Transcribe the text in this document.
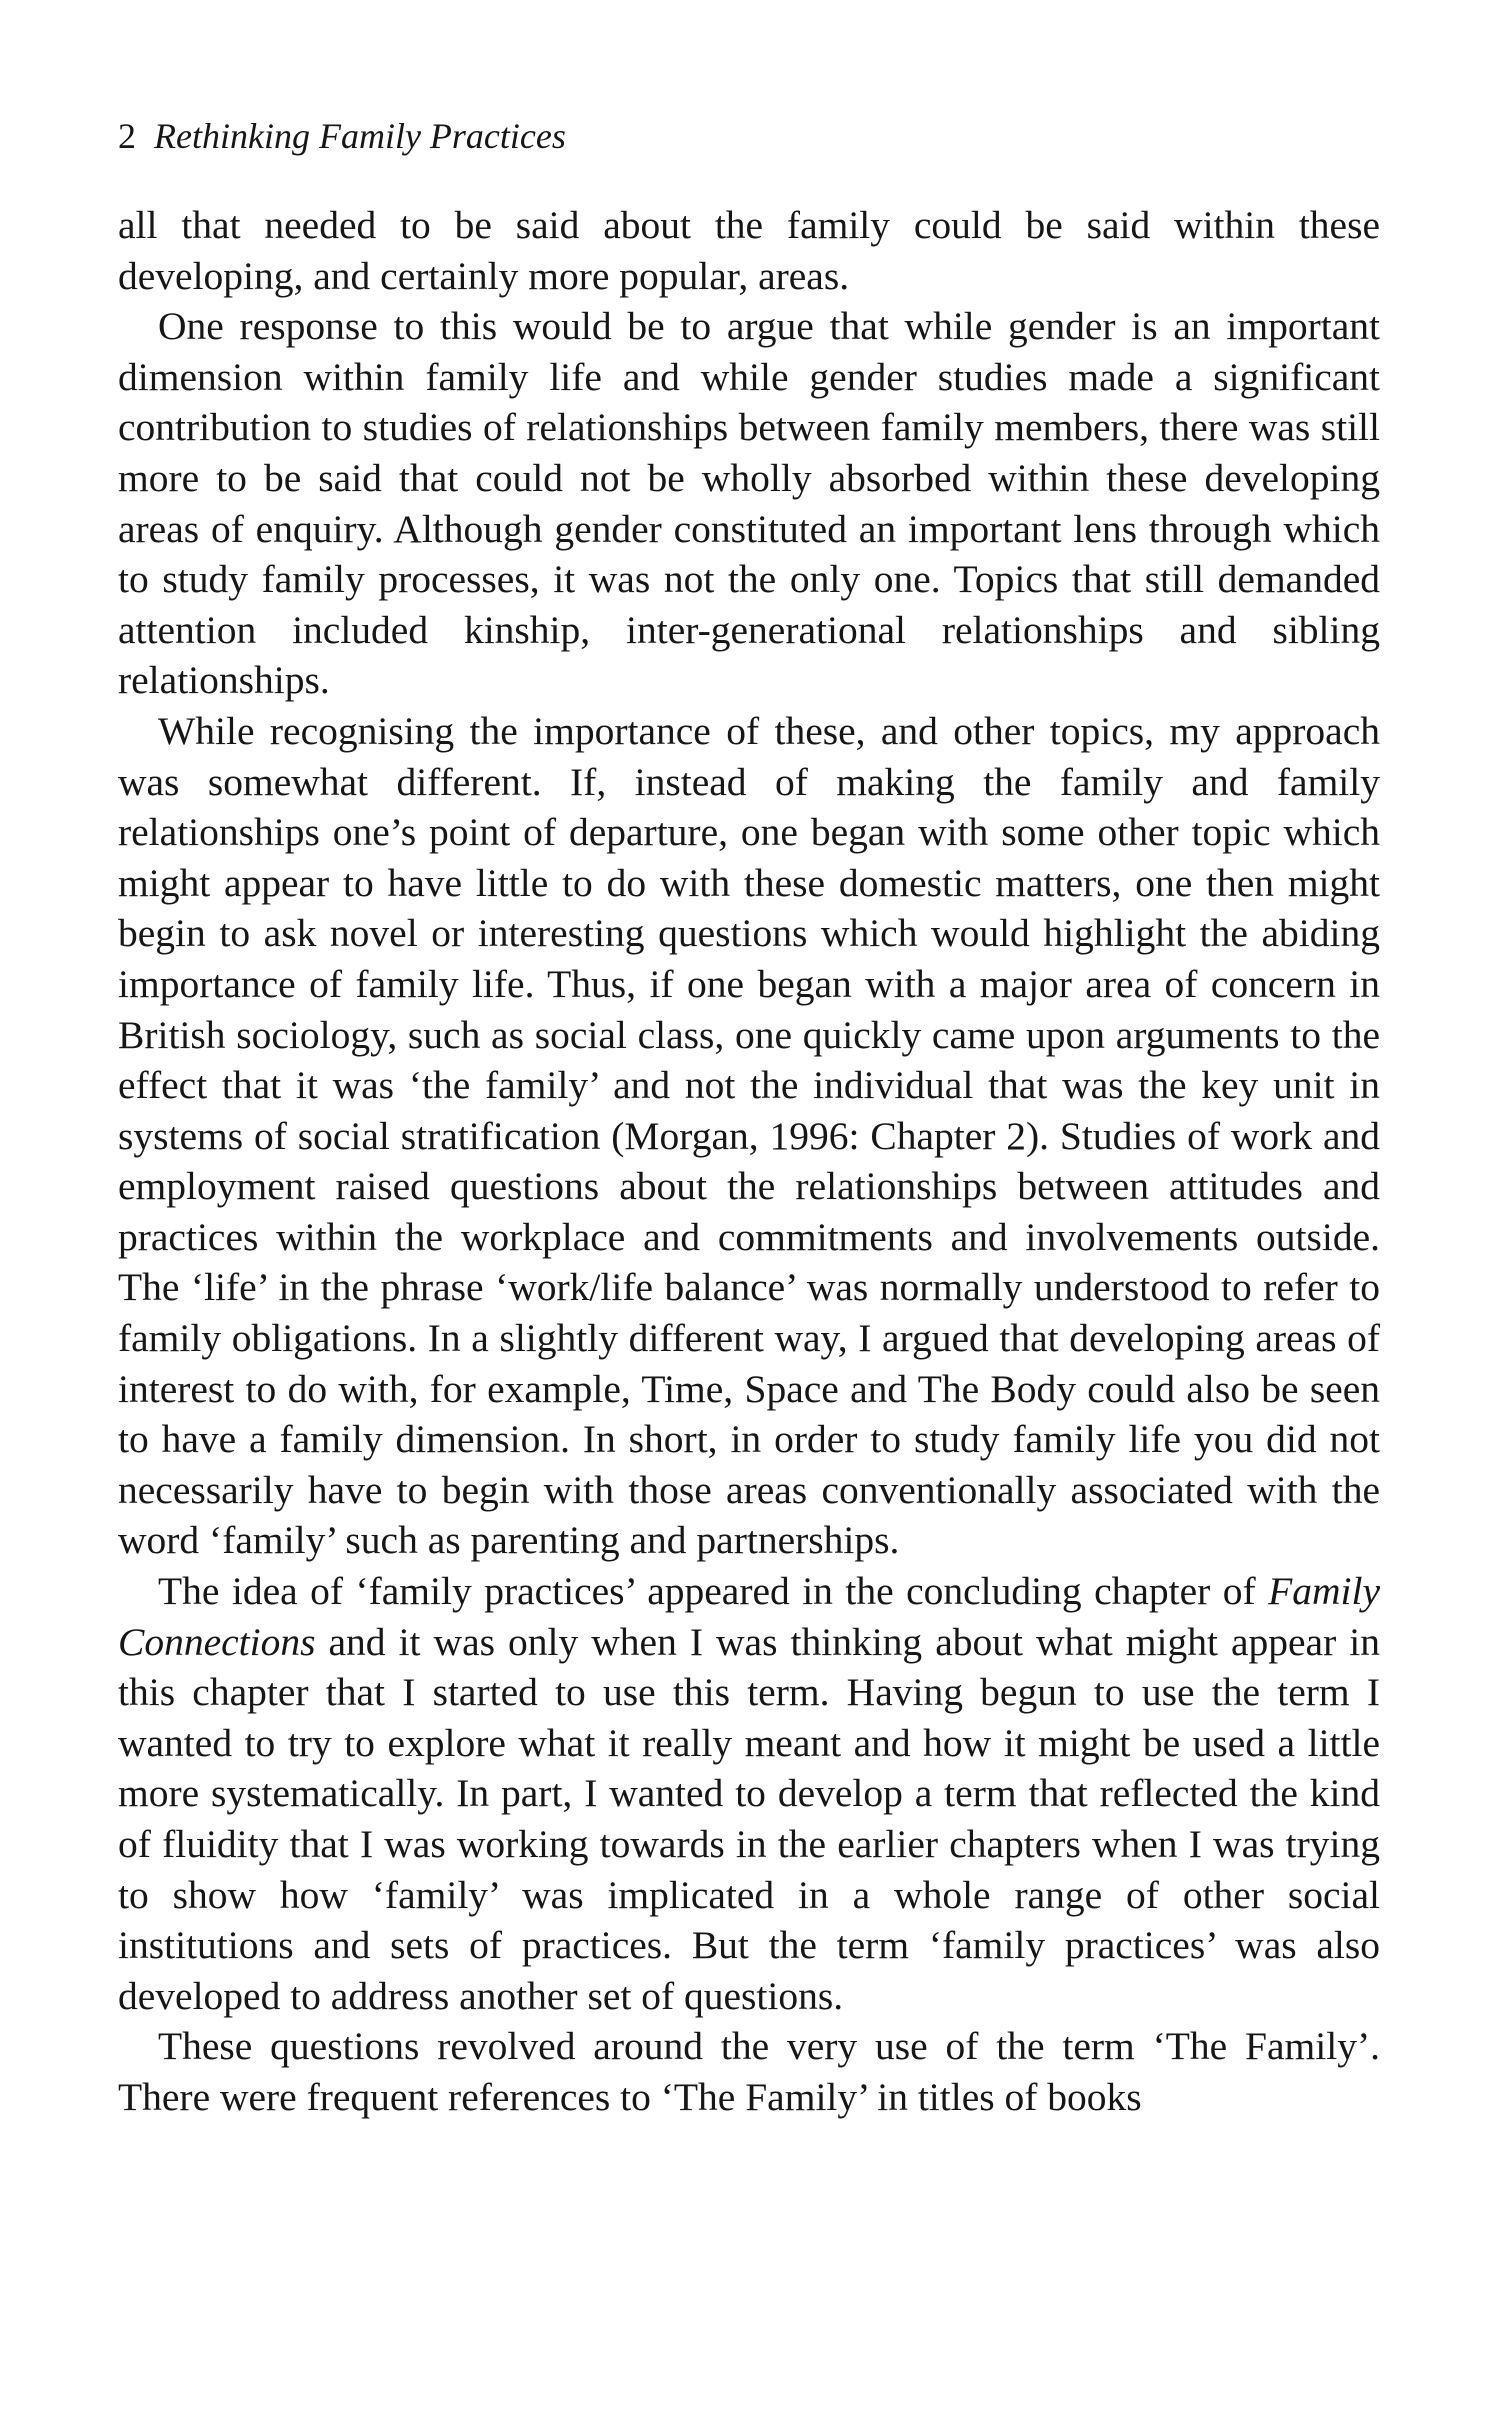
2 Rethinking Family Practices

all that needed to be said about the family could be said within these developing, and certainly more popular, areas.

One response to this would be to argue that while gender is an important dimension within family life and while gender studies made a significant contribution to studies of relationships between family members, there was still more to be said that could not be wholly absorbed within these developing areas of enquiry. Although gender constituted an important lens through which to study family processes, it was not the only one. Topics that still demanded attention included kinship, inter-generational relationships and sibling relationships.

While recognising the importance of these, and other topics, my approach was somewhat different. If, instead of making the family and family relationships one’s point of departure, one began with some other topic which might appear to have little to do with these domestic matters, one then might begin to ask novel or interesting questions which would highlight the abiding importance of family life. Thus, if one began with a major area of concern in British sociology, such as social class, one quickly came upon arguments to the effect that it was ‘the family’ and not the individual that was the key unit in systems of social stratification (Morgan, 1996: Chapter 2). Studies of work and employment raised questions about the relationships between attitudes and practices within the workplace and commitments and involvements outside. The ‘life’ in the phrase ‘work/life balance’ was normally understood to refer to family obligations. In a slightly different way, I argued that developing areas of interest to do with, for example, Time, Space and The Body could also be seen to have a family dimension. In short, in order to study family life you did not necessarily have to begin with those areas conventionally associated with the word ‘family’ such as parenting and partnerships.

The idea of ‘family practices’ appeared in the concluding chapter of Family Connections and it was only when I was thinking about what might appear in this chapter that I started to use this term. Having begun to use the term I wanted to try to explore what it really meant and how it might be used a little more systematically. In part, I wanted to develop a term that reflected the kind of fluidity that I was working towards in the earlier chapters when I was trying to show how ‘family’ was implicated in a whole range of other social institutions and sets of practices. But the term ‘family practices’ was also developed to address another set of questions.

These questions revolved around the very use of the term ‘The Family’. There were frequent references to ‘The Family’ in titles of books
